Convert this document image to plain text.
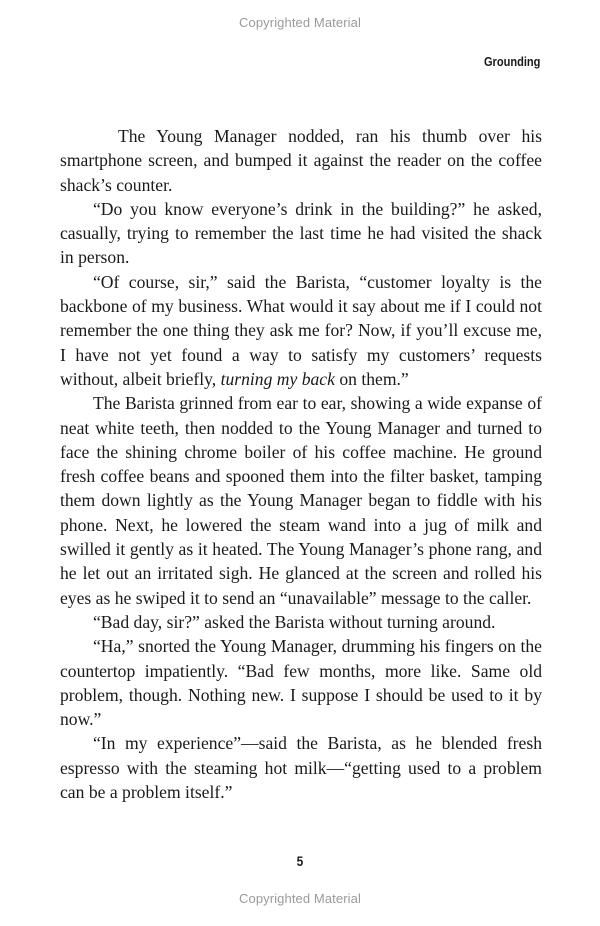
Copyrighted Material
Grounding

The Young Manager nodded, ran his thumb over his smartphone screen, and bumped it against the reader on the coffee shack’s counter.

“Do you know everyone’s drink in the building?” he asked, casually, trying to remember the last time he had visited the shack in person.

“Of course, sir,” said the Barista, “customer loyalty is the backbone of my business. What would it say about me if I could not remember the one thing they ask me for? Now, if you’ll excuse me, I have not yet found a way to satisfy my customers’ requests without, albeit briefly, turning my back on them.”

The Barista grinned from ear to ear, showing a wide expanse of neat white teeth, then nodded to the Young Manager and turned to face the shining chrome boiler of his coffee machine. He ground fresh coffee beans and spooned them into the filter basket, tamping them down lightly as the Young Manager began to fiddle with his phone. Next, he lowered the steam wand into a jug of milk and swilled it gently as it heated. The Young Manager’s phone rang, and he let out an irritated sigh. He glanced at the screen and rolled his eyes as he swiped it to send an “unavailable” message to the caller.

“Bad day, sir?” asked the Barista without turning around.

“Ha,” snorted the Young Manager, drumming his fingers on the countertop impatiently. “Bad few months, more like. Same old problem, though. Nothing new. I suppose I should be used to it by now.”

“In my experience”—said the Barista, as he blended fresh espresso with the steaming hot milk—“getting used to a problem can be a problem itself.”

5
Copyrighted Material
